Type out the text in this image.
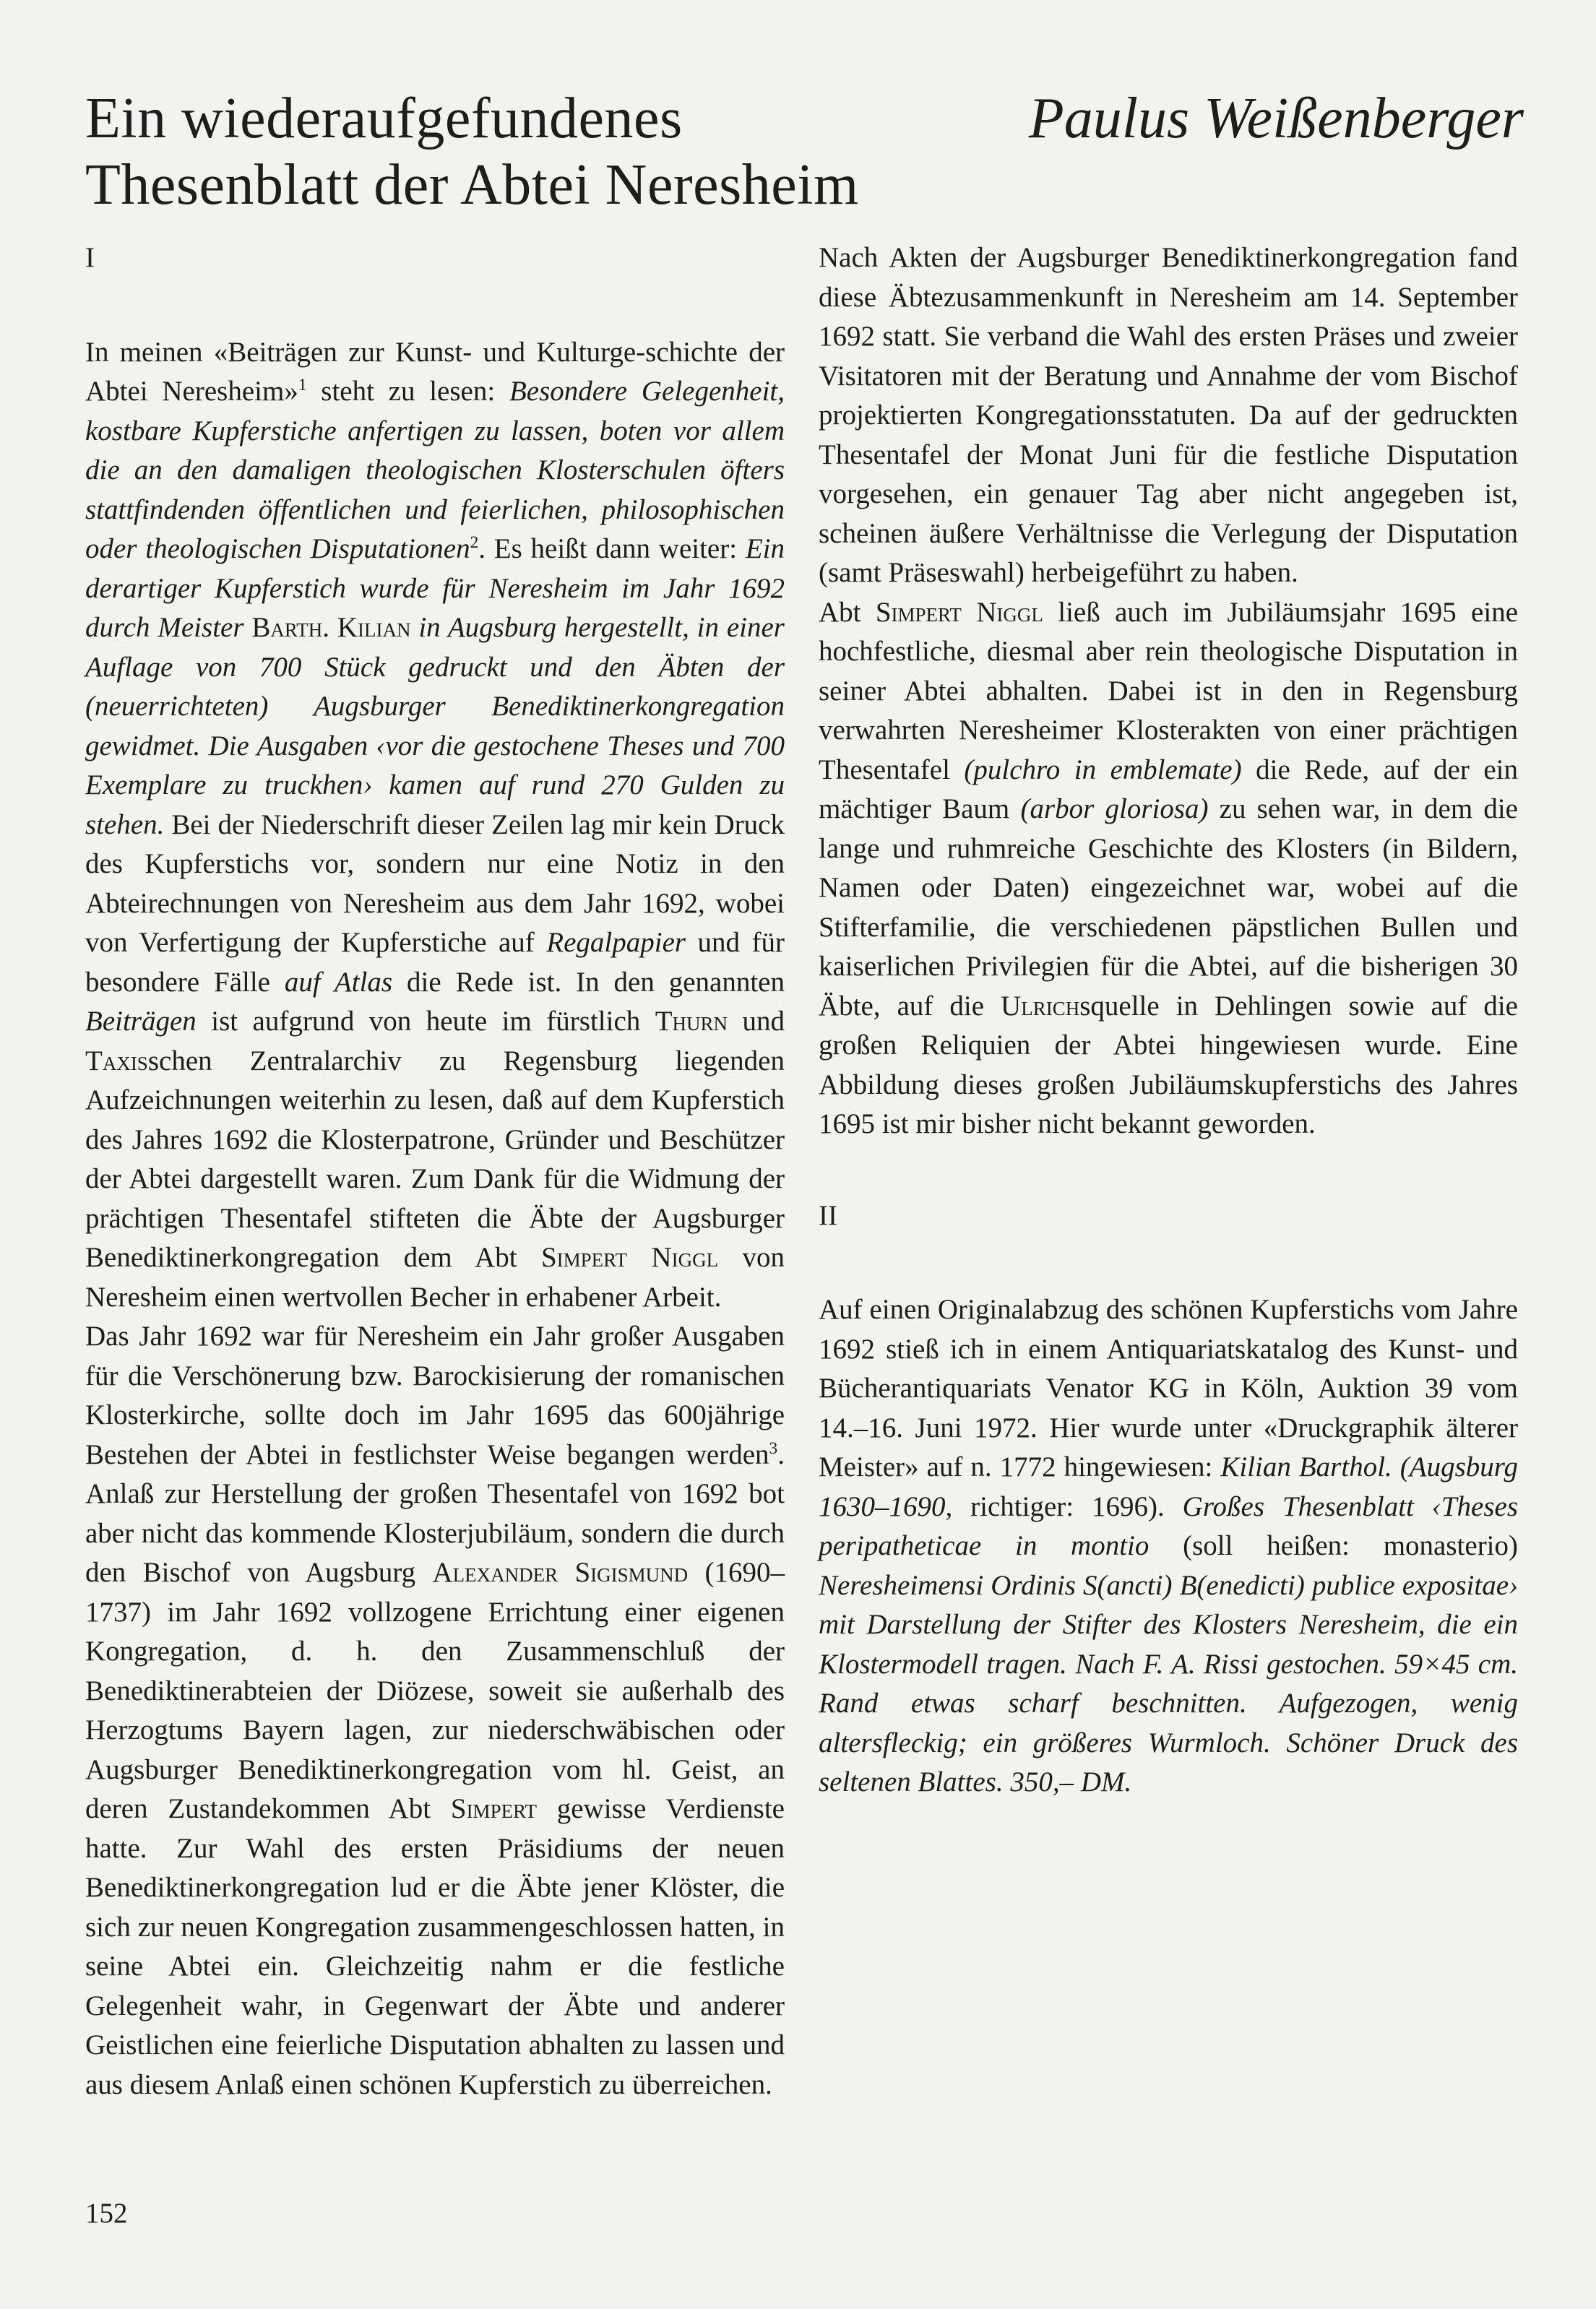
Ein wiederaufgefundenes
Thesenblatt der Abtei Neresheim
Paulus Weißenberger
I

In meinen «Beiträgen zur Kunst- und Kulturge-schichte der Abtei Neresheim»$^1$ steht zu lesen: Besondere Gelegenheit, kostbare Kupferstiche anfertigen zu lassen, boten vor allem die an den damaligen theologischen Klosterschulen öfters stattfindenden öffentlichen und feierlichen, philosophischen oder theologischen Disputationen$^2$. Es heißt dann weiter: Ein derartiger Kupferstich wurde für Neresheim im Jahr 1692 durch Meister Barth. Kilian in Augsburg hergestellt, in einer Auflage von 700 Stück gedruckt und den Äbten der (neuerrichteten) Augsburger Benediktinerkongregation gewidmet. Die Ausgaben ‹vor die gestochene Theses und 700 Exemplare zu truckhen› kamen auf rund 270 Gulden zu stehen. Bei der Niederschrift dieser Zeilen lag mir kein Druck des Kupferstichs vor, sondern nur eine Notiz in den Abteirechnungen von Neresheim aus dem Jahr 1692, wobei von Verfertigung der Kupferstiche auf Regalpapier und für besondere Fälle auf Atlas die Rede ist. In den genannten Beiträgen ist aufgrund von heute im fürstlich Thurn und Taxisschen Zentralarchiv zu Regensburg liegenden Aufzeichnungen weiterhin zu lesen, daß auf dem Kupferstich des Jahres 1692 die Klosterpatrone, Gründer und Beschützer der Abtei dargestellt waren. Zum Dank für die Widmung der prächtigen Thesentafel stifteten die Äbte der Augsburger Benediktinerkongregation dem Abt Simpert Niggl von Neresheim einen wertvollen Becher in erhabener Arbeit.

Das Jahr 1692 war für Neresheim ein Jahr großer Ausgaben für die Verschönerung bzw. Barockisierung der romanischen Klosterkirche, sollte doch im Jahr 1695 das 600jährige Bestehen der Abtei in festlichster Weise begangen werden$^3$. Anlaß zur Herstellung der großen Thesentafel von 1692 bot aber nicht das kommende Klosterjubiläum, sondern die durch den Bischof von Augsburg Alexander Sigismund (1690–1737) im Jahr 1692 vollzogene Errichtung einer eigenen Kongregation, d. h. den Zusammenschluß der Benediktinerabteien der Diözese, soweit sie außerhalb des Herzogtums Bayern lagen, zur niederschwäbischen oder Augsburger Benediktinerkongregation vom hl. Geist, an deren Zustandekommen Abt Simpert gewisse Verdienste hatte. Zur Wahl des ersten Präsidiums der neuen Benediktinerkongregation lud er die Äbte jener Klöster, die sich zur neuen Kongregation zusammengeschlossen hatten, in seine Abtei ein. Gleichzeitig nahm er die festliche Gelegenheit wahr, in Gegenwart der Äbte und anderer Geistlichen eine feierliche Disputation abhalten zu lassen und aus diesem Anlaß einen schönen Kupferstich zu überreichen.

Nach Akten der Augsburger Benediktinerkongregation fand diese Äbtezusammenkunft in Neresheim am 14. September 1692 statt. Sie verband die Wahl des ersten Präses und zweier Visitatoren mit der Beratung und Annahme der vom Bischof projektierten Kongregationsstatuten. Da auf der gedruckten Thesentafel der Monat Juni für die festliche Disputation vorgesehen, ein genauer Tag aber nicht angegeben ist, scheinen äußere Verhältnisse die Verlegung der Disputation (samt Präseswahl) herbeigeführt zu haben.

Abt Simpert Niggl ließ auch im Jubiläumsjahr 1695 eine hochfestliche, diesmal aber rein theologische Disputation in seiner Abtei abhalten. Dabei ist in den in Regensburg verwahrten Neresheimer Klosterakten von einer prächtigen Thesentafel (pulchro in emblemate) die Rede, auf der ein mächtiger Baum (arbor gloriosa) zu sehen war, in dem die lange und ruhmreiche Geschichte des Klosters (in Bildern, Namen oder Daten) eingezeichnet war, wobei auf die Stifterfamilie, die verschiedenen päpstlichen Bullen und kaiserlichen Privilegien für die Abtei, auf die bisherigen 30 Äbte, auf die Ulrichsquelle in Dehlingen sowie auf die großen Reliquien der Abtei hingewiesen wurde. Eine Abbildung dieses großen Jubiläumskupferstichs des Jahres 1695 ist mir bisher nicht bekannt geworden.

II

Auf einen Originalabzug des schönen Kupferstichs vom Jahre 1692 stieß ich in einem Antiquariatskatalog des Kunst- und Bücherantiquariats Venator KG in Köln, Auktion 39 vom 14.–16. Juni 1972. Hier wurde unter «Druckgraphik älterer Meister» auf n. 1772 hingewiesen: Kilian Barthol. (Augsburg 1630–1690, richtiger: 1696). Großes Thesenblatt ‹Theses peripatheticae in montio (soll heißen: monasterio) Neresheimensi Ordinis S(ancti) B(enedicti) publice expositae› mit Darstellung der Stifter des Klosters Neresheim, die ein Klostermodell tragen. Nach F. A. Rissi gestochen. 59×45 cm. Rand etwas scharf beschnitten. Aufgezogen, wenig altersfleckig; ein größeres Wurmloch. Schöner Druck des seltenen Blattes. 350,– DM.

152
